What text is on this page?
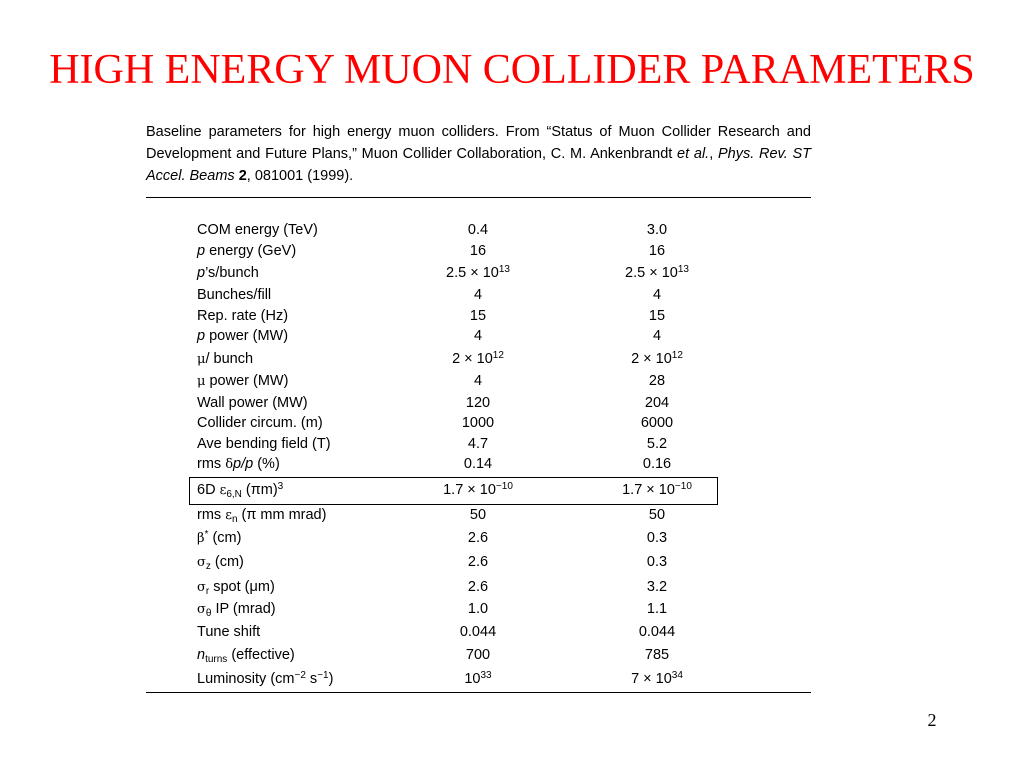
HIGH ENERGY MUON COLLIDER PARAMETERS
Baseline parameters for high energy muon colliders. From “Status of Muon Collider Research and Development and Future Plans,” Muon Collider Collaboration, C. M. Ankenbrandt et al., Phys. Rev. ST Accel. Beams 2, 081001 (1999).
COM energy (TeV)	0.4	3.0
p energy (GeV)	16	16
p’s/bunch	$2.5 \times 10^{13}$	$2.5 \times 10^{13}$
Bunches/fill	4	4
Rep. rate (Hz)	15	15
p power (MW)	4	4
μ/ bunch	$2 \times 10^{12}$	$2 \times 10^{12}$
μ power (MW)	4	28
Wall power (MW)	120	204
Collider circum. (m)	1000	6000
Ave bending field (T)	4.7	5.2
rms δp/p (%)	0.14	0.16
6D $\varepsilon_{6,N}$ $(\pi m)^3$	$1.7 \times 10^{-10}$	$1.7 \times 10^{-10}$
rms $\varepsilon_n$ (π mm mrad)	50	50
β* (cm)	2.6	0.3
$\sigma_z$ (cm)	2.6	0.3
$\sigma_r$ spot (μm)	2.6	3.2
$\sigma_\theta$ IP (mrad)	1.0	1.1
Tune shift	0.044	0.044
$n_{turns}$ (effective)	700	785
Luminosity ($cm^{-2}$ $s^{-1}$)	$10^{33}$	$7 \times 10^{34}$
2
